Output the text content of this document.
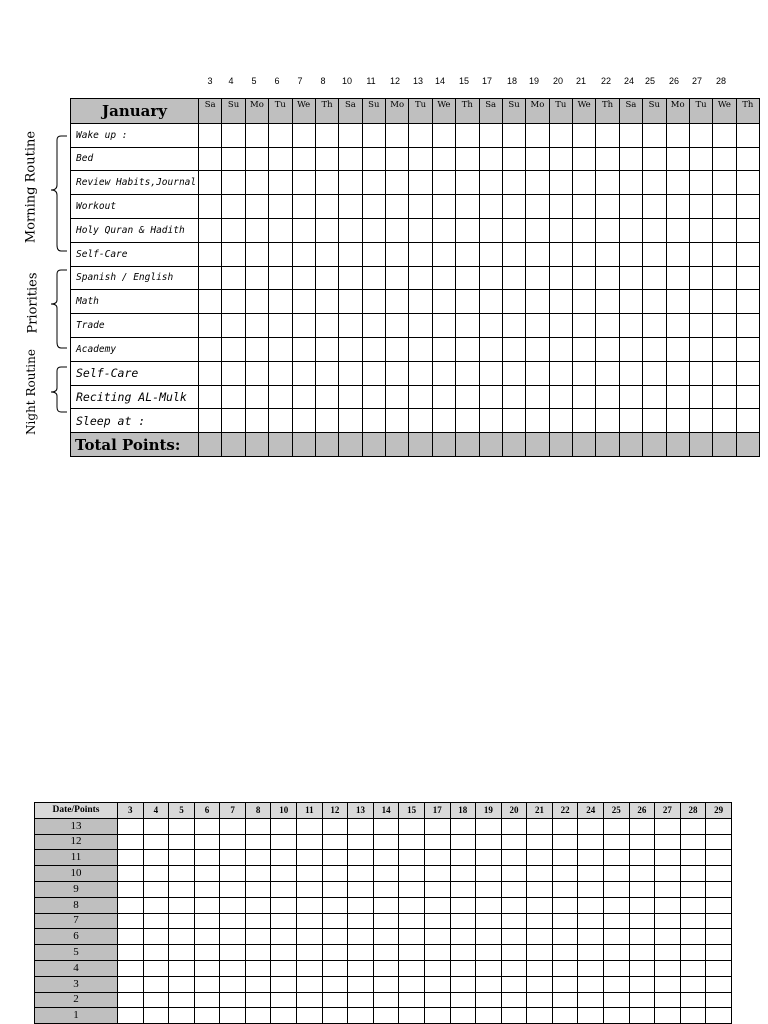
3 4 5 6 7 8 10 11 12 13 14 15 17 18 19 20 21 22 24 25 26 27 28
January	Sa	Su	Mo	Tu	We	Th	Sa	Su	Mo	Tu	We	Th	Sa	Su	Mo	Tu	We	Th	Sa	Su	Mo	Tu	We	Th
Wake up :																								
Bed																								
Review Habits,Journal																								
Workout																								
Holy Quran & Hadith																								
Self-Care																								
Spanish / English																								
Math																								
Trade																								
Academy																								
Self-Care																								
Reciting AL-Mulk																								
Sleep at :																								
Total Points:																								
Morning Routine
Priorities
Night Routine
Date/Points	3	4	5	6	7	8	10	11	12	13	14	15	17	18	19	20	21	22	24	25	26	27	28	29
13																								
12																								
11																								
10																								
9																								
8																								
7																								
6																								
5																								
4																								
3																								
2																								
1																								
